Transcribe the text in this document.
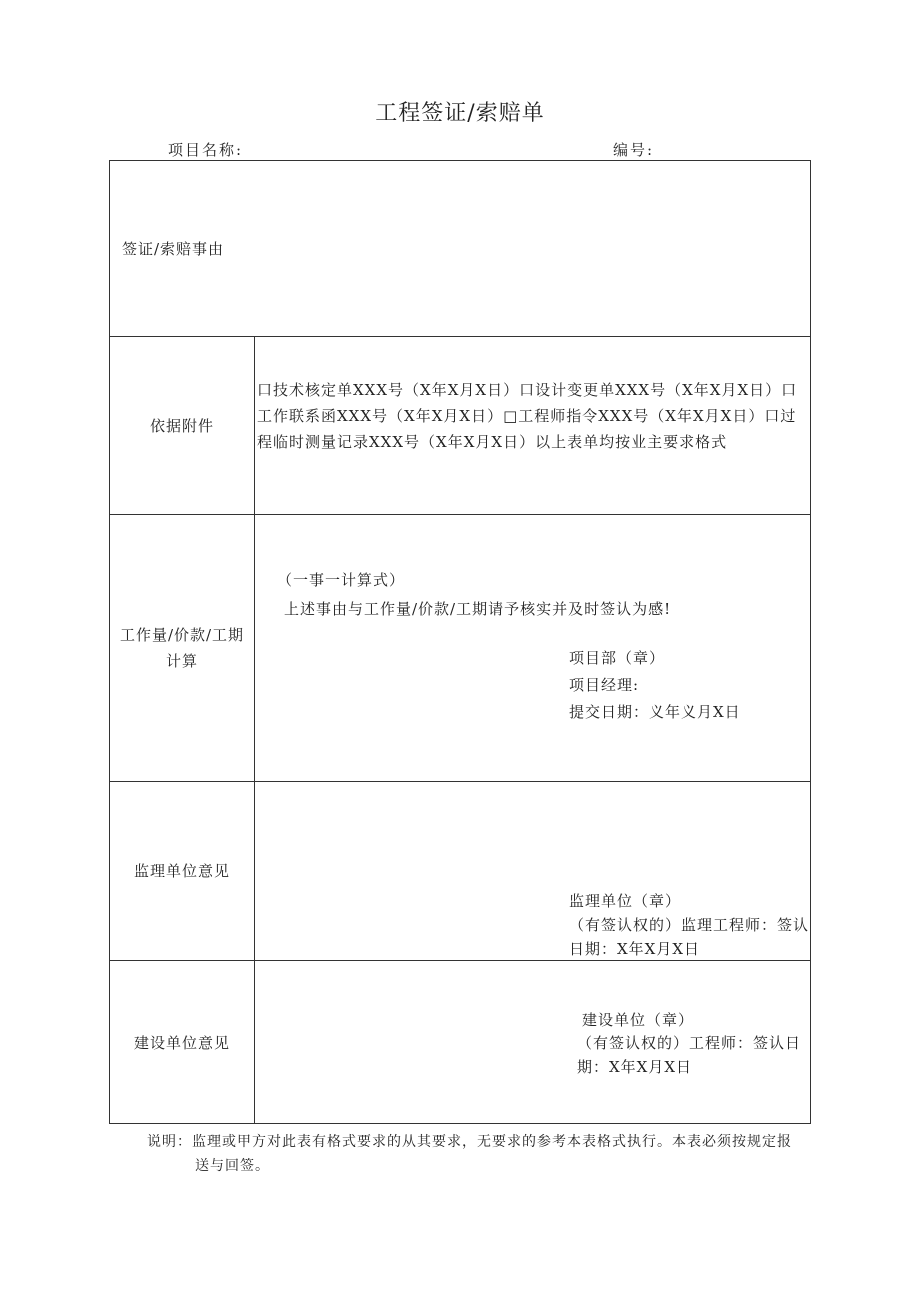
工程签证/索赔单
项目名称:	编号:
签证/索赔事由
依据附件
口技术核定单XXX号（X年X月X日）口设计变更单XXX号（X年X月X日）口工作联系函XXX号（X年X月X日）□工程师指令XXX号（X年X月X日）口过程临时测量记录XXX号（X年X月X日）以上表单均按业主要求格式
工作量/价款/工期计算
（一事一计算式）
上述事由与工作量/价款/工期请予核实并及时签认为感!
项目部（章）
项目经理:
提交日期：义年义月X日
监理单位意见
监理单位（章）
（有签认权的）监理工程师：签认日期：X年X月X日
建设单位意见
建设单位（章）
（有签认权的）工程师：签认日期：X年X月X日
说明：监理或甲方对此表有格式要求的从其要求，无要求的参考本表格式执行。本表必须按规定报
送与回签。
